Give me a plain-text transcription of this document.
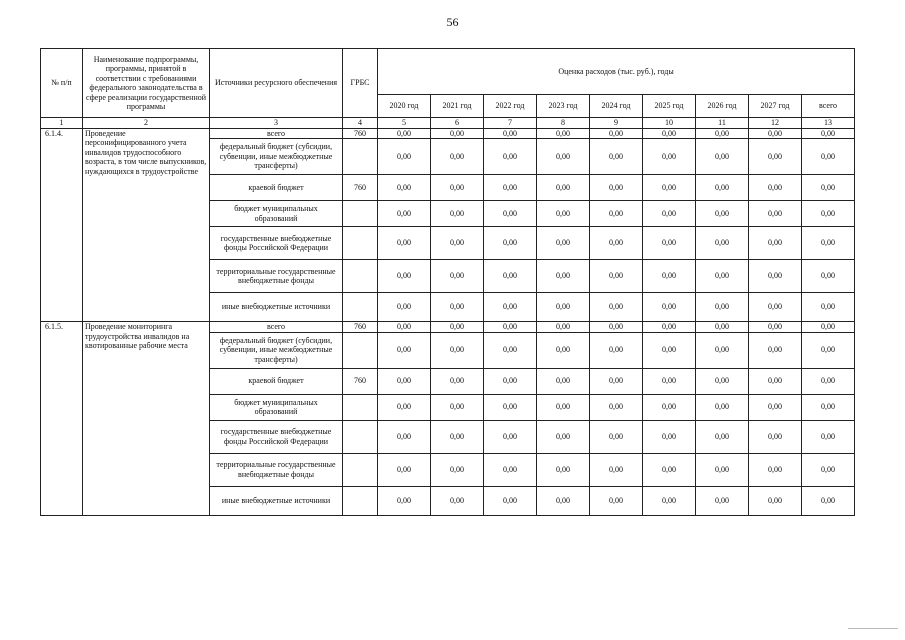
56
№ п/п	Наименование подпрограммы, программы, принятой в соответствии с требованиями федерального законодательства в сфере реализации государственной программы	Источники ресурсного обеспечения	ГРБС	Оценка расходов (тыс. руб.), годы								
				2020 год	2021 год	2022 год	2023 год	2024 год	2025 год	2026 год	2027 год	всего
1	2	3	4	5	6	7	8	9	10	11	12	13
6.1.4.	Проведение персонифицированного учета инвалидов трудоспособного возраста, в том числе выпускников, нуждающихся в трудоустройстве	всего	760	0,00	0,00	0,00	0,00	0,00	0,00	0,00	0,00	0,00
		федеральный бюджет (субсидии, субвенции, иные межбюджетные трансферты)		0,00	0,00	0,00	0,00	0,00	0,00	0,00	0,00	0,00
		краевой бюджет	760	0,00	0,00	0,00	0,00	0,00	0,00	0,00	0,00	0,00
		бюджет муниципальных образований		0,00	0,00	0,00	0,00	0,00	0,00	0,00	0,00	0,00
		государственные внебюджетные фонды Российской Федерации		0,00	0,00	0,00	0,00	0,00	0,00	0,00	0,00	0,00
		территориальные государственные внебюджетные фонды		0,00	0,00	0,00	0,00	0,00	0,00	0,00	0,00	0,00
		иные внебюджетные источники		0,00	0,00	0,00	0,00	0,00	0,00	0,00	0,00	0,00
6.1.5.	Проведение мониторинга трудоустройства инвалидов на квотированные рабочие места	всего	760	0,00	0,00	0,00	0,00	0,00	0,00	0,00	0,00	0,00
		федеральный бюджет (субсидии, субвенции, иные межбюджетные трансферты)		0,00	0,00	0,00	0,00	0,00	0,00	0,00	0,00	0,00
		краевой бюджет	760	0,00	0,00	0,00	0,00	0,00	0,00	0,00	0,00	0,00
		бюджет муниципальных образований		0,00	0,00	0,00	0,00	0,00	0,00	0,00	0,00	0,00
		государственные внебюджетные фонды Российской Федерации		0,00	0,00	0,00	0,00	0,00	0,00	0,00	0,00	0,00
		территориальные государственные внебюджетные фонды		0,00	0,00	0,00	0,00	0,00	0,00	0,00	0,00	0,00
		иные внебюджетные источники		0,00	0,00	0,00	0,00	0,00	0,00	0,00	0,00	0,00
